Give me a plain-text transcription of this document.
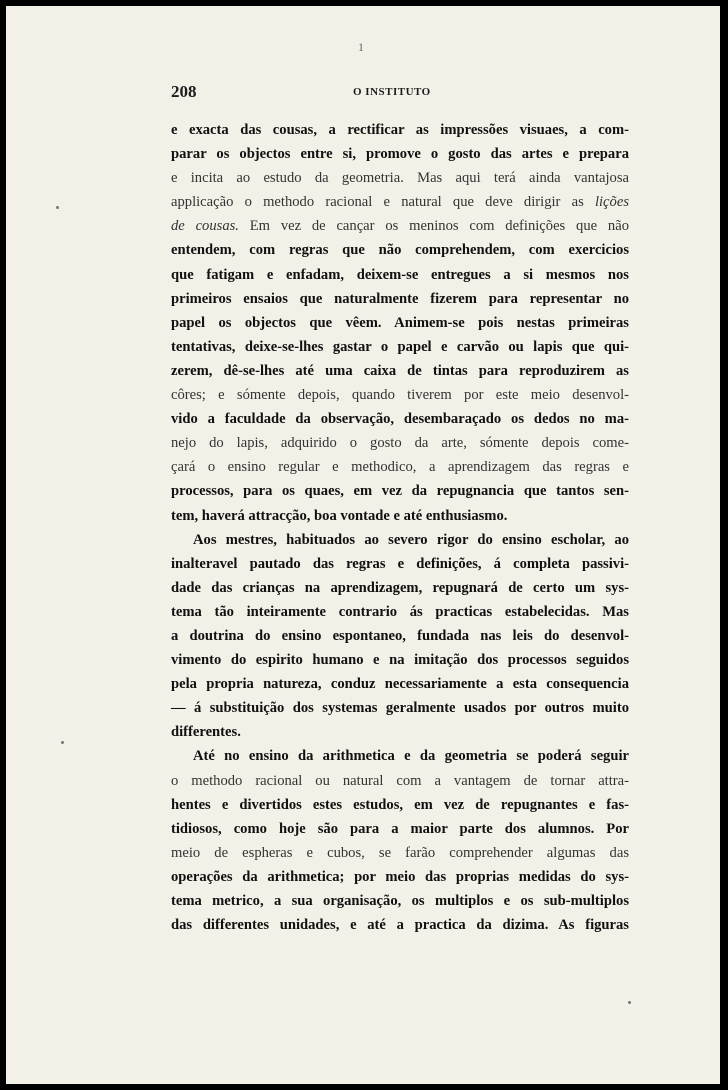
1
208	O INSTITUTO
e exacta das cousas, a rectificar as impressões visuaes, a com-
parar os objectos entre si, promove o gosto das artes e prepara
e incita ao estudo da geometria. Mas aqui terá ainda vantajosa
applicação o methodo racional e natural que deve dirigir as lições
de cousas. Em vez de cançar os meninos com definições que não
entendem, com regras que não comprehendem, com exercicios
que fatigam e enfadam, deixem-se entregues a si mesmos nos
primeiros ensaios que naturalmente fizerem para representar no
papel os objectos que vêem. Animem-se pois nestas primeiras
tentativas, deixe-se-lhes gastar o papel e carvão ou lapis que qui-
zerem, dê-se-lhes até uma caixa de tintas para reproduzirem as
côres; e sómente depois, quando tiverem por este meio desenvol-
vido a faculdade da observação, desembaraçado os dedos no ma-
nejo do lapis, adquirido o gosto da arte, sómente depois come-
çará o ensino regular e methodico, a aprendizagem das regras e
processos, para os quaes, em vez da repugnancia que tantos sen-
tem, haverá attracção, boa vontade e até enthusiasmo.
Aos mestres, habituados ao severo rigor do ensino escholar, ao
inalteravel pautado das regras e definições, á completa passivi-
dade das crianças na aprendizagem, repugnará de certo um sys-
tema tão inteiramente contrario ás practicas estabelecidas. Mas
a doutrina do ensino espontaneo, fundada nas leis do desenvol-
vimento do espirito humano e na imitação dos processos seguidos
pela propria natureza, conduz necessariamente a esta consequencia
— á substituição dos systemas geralmente usados por outros muito
differentes.
Até no ensino da arithmetica e da geometria se poderá seguir
o methodo racional ou natural com a vantagem de tornar attra-
hentes e divertidos estes estudos, em vez de repugnantes e fas-
tidiosos, como hoje são para a maior parte dos alumnos. Por
meio de espheras e cubos, se farão comprehender algumas das
operações da arithmetica; por meio das proprias medidas do sys-
tema metrico, a sua organisação, os multiplos e os sub-multiplos
das differentes unidades, e até a practica da dizima. As figuras
